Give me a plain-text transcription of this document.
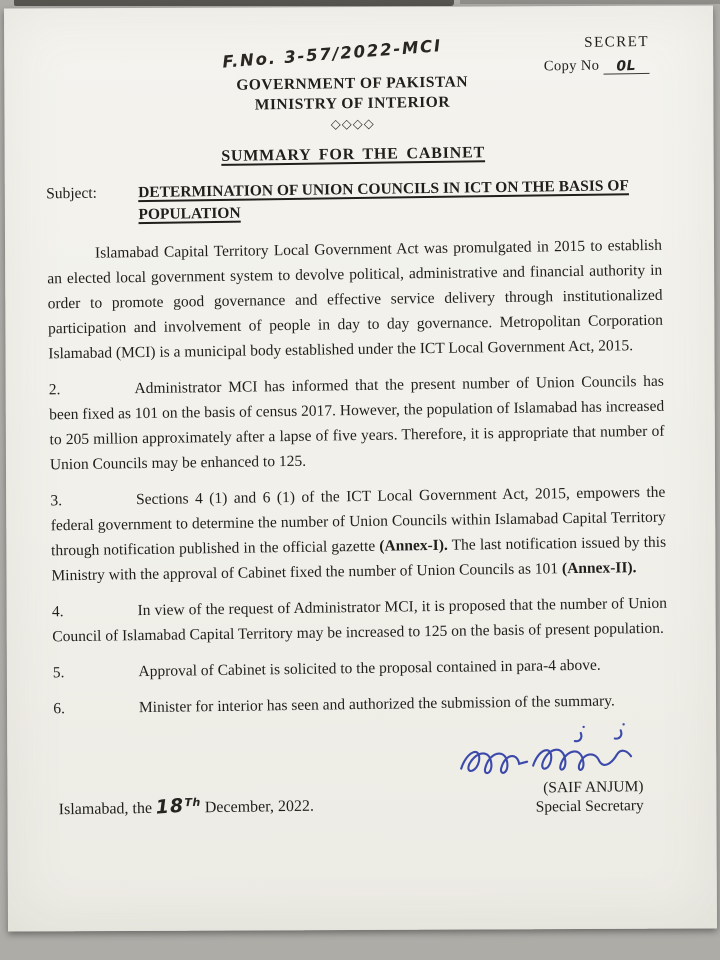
SECRET
Copy No 0L
F.No. 3-57/2022-MCI
GOVERNMENT OF PAKISTAN
MINISTRY OF INTERIOR
◇◇◇◇
SUMMARY FOR THE CABINET
Subject:	DETERMINATION OF UNION COUNCILS IN ICT ON THE BASIS OF POPULATION

Islamabad Capital Territory Local Government Act was promulgated in 2015 to establish an elected local government system to devolve political, administrative and financial authority in order to promote good governance and effective service delivery through institutionalized participation and involvement of people in day to day governance. Metropolitan Corporation Islamabad (MCI) is a municipal body established under the ICT Local Government Act, 2015.

2.	Administrator MCI has informed that the present number of Union Councils has been fixed as 101 on the basis of census 2017. However, the population of Islamabad has increased to 205 million approximately after a lapse of five years. Therefore, it is appropriate that number of Union Councils may be enhanced to 125.

3.	Sections 4 (1) and 6 (1) of the ICT Local Government Act, 2015, empowers the federal government to determine the number of Union Councils within Islamabad Capital Territory through notification published in the official gazette (Annex-I). The last notification issued by this Ministry with the approval of Cabinet fixed the number of Union Councils as 101 (Annex-II).

4.	In view of the request of Administrator MCI, it is proposed that the number of Union Council of Islamabad Capital Territory may be increased to 125 on the basis of present population.

5.	Approval of Cabinet is solicited to the proposal contained in para-4 above.

6.	Minister for interior has seen and authorized the submission of the summary.

(SAIF ANJUM)
Special Secretary
Islamabad, the 18Th December, 2022.
